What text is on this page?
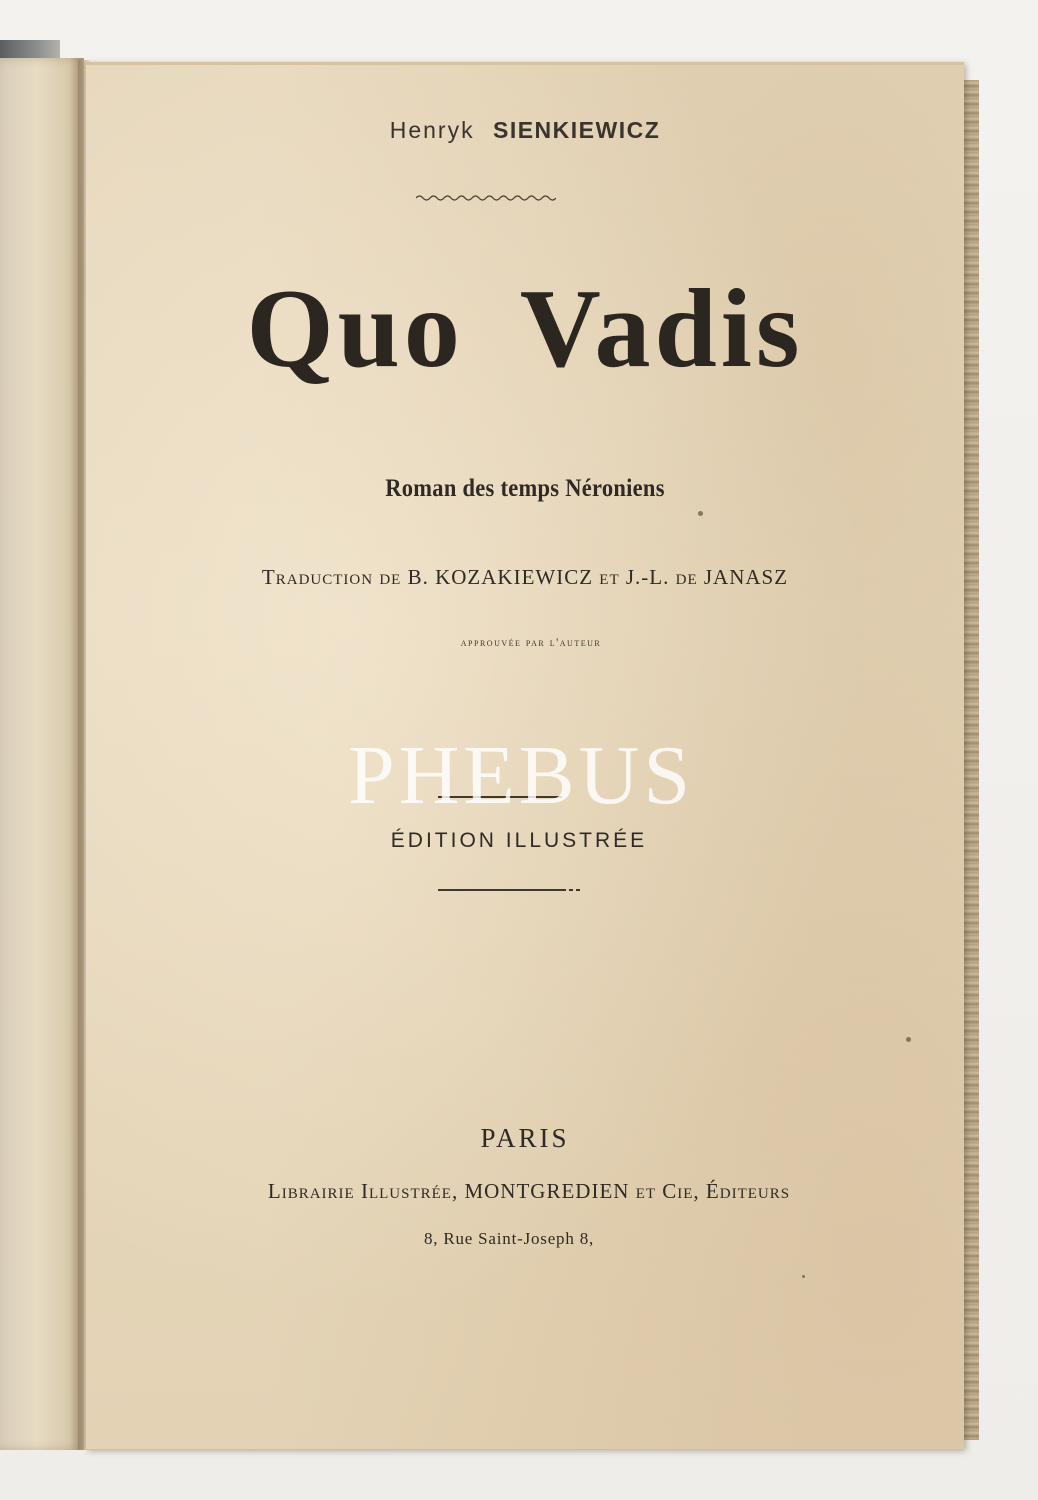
Henryk SIENKIEWICZ
Quo Vadis
Roman des temps Néroniens
Traduction de B. KOZAKIEWICZ et J.-L. de JANASZ
approuvée par l'auteur
ÉDITION ILLUSTRÉE
PHEBUS
PARIS
Librairie Illustrée, MONTGREDIEN et Cie, Éditeurs
8, Rue Saint-Joseph 8,
